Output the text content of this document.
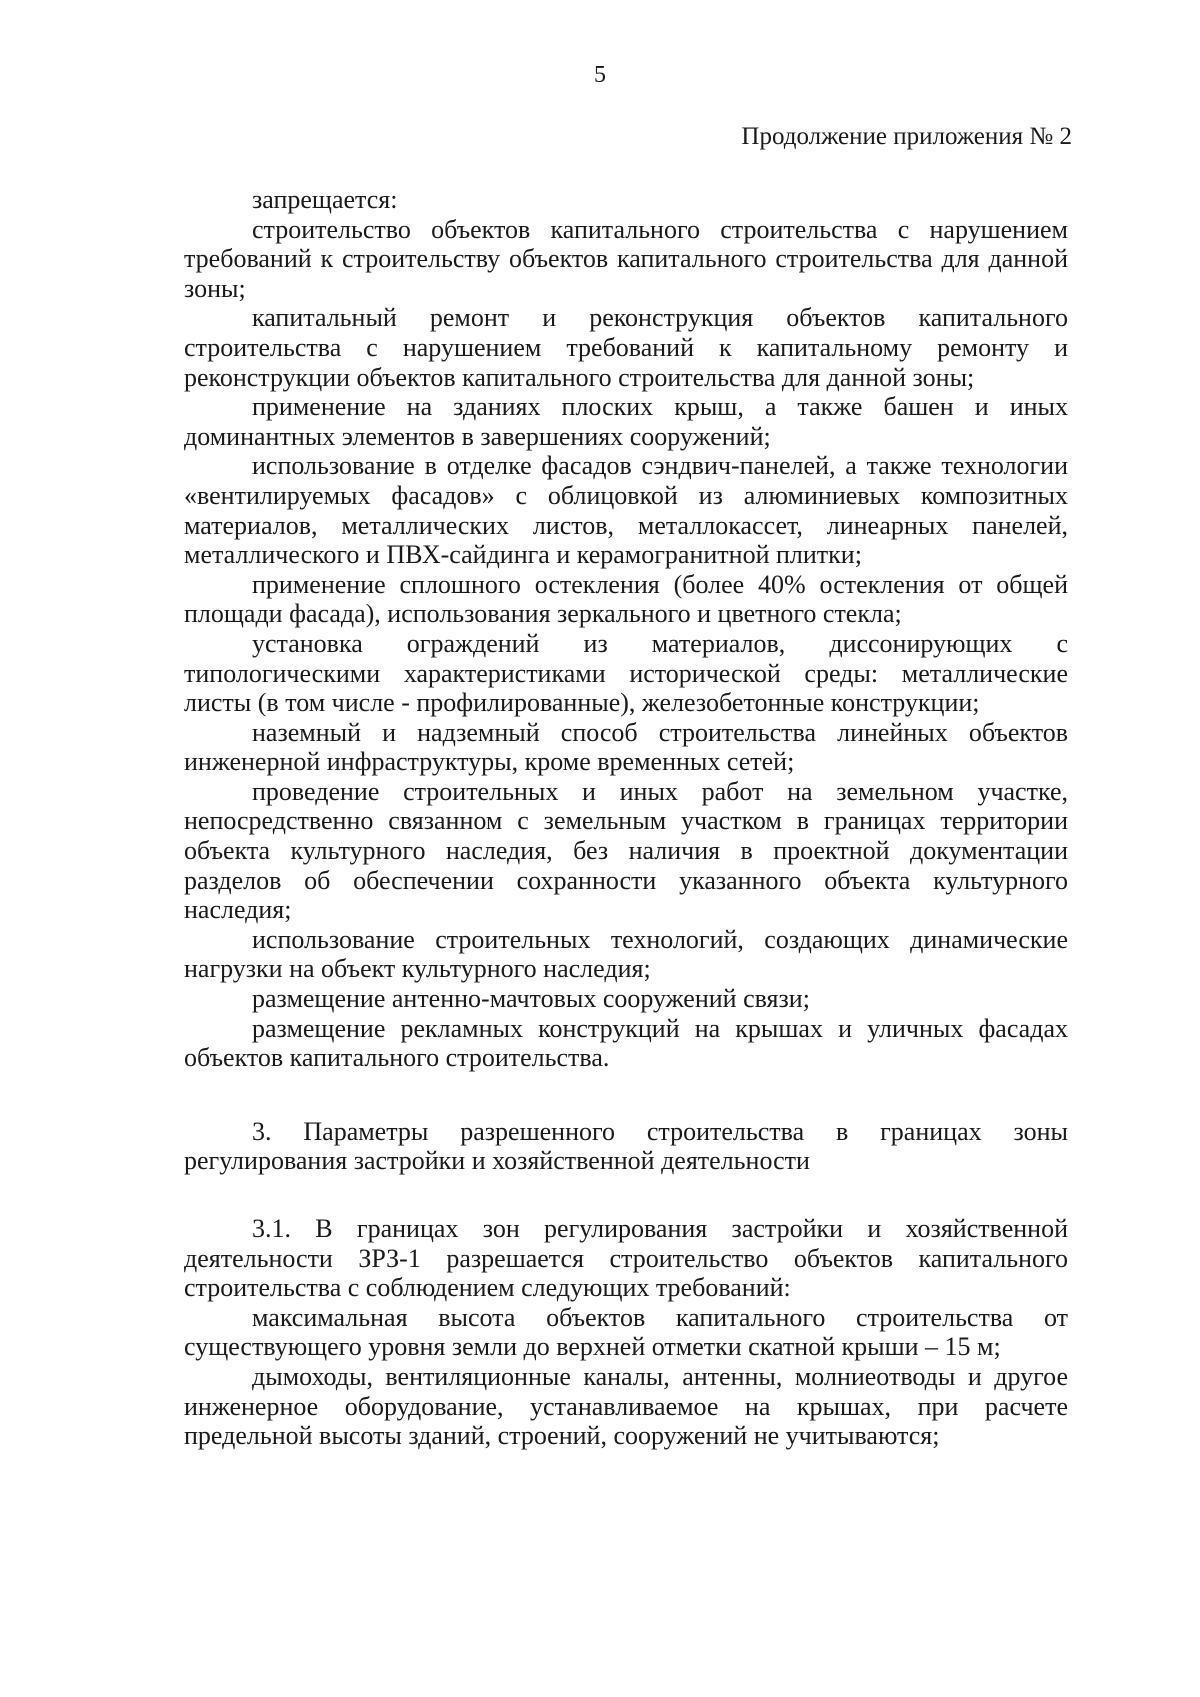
5
Продолжение приложения № 2

запрещается:

строительство объектов капитального строительства с нарушением требований к строительству объектов капитального строительства для данной зоны;

капитальный ремонт и реконструкция объектов капитального строительства с нарушением требований к капитальному ремонту и реконструкции объектов капитального строительства для данной зоны;

применение на зданиях плоских крыш, а также башен и иных доминантных элементов в завершениях сооружений;

использование в отделке фасадов сэндвич-панелей, а также технологии «вентилируемых фасадов» с облицовкой из алюминиевых композитных материалов, металлических листов, металлокассет, линеарных панелей, металлического и ПВХ-сайдинга и керамогранитной плитки;

применение сплошного остекления (более 40% остекления от общей площади фасада), использования зеркального и цветного стекла;

установка ограждений из материалов, диссонирующих с типологическими характеристиками исторической среды: металлические листы (в том числе - профилированные), железобетонные конструкции;

наземный и надземный способ строительства линейных объектов инженерной инфраструктуры, кроме временных сетей;

проведение строительных и иных работ на земельном участке, непосредственно связанном с земельным участком в границах территории объекта культурного наследия, без наличия в проектной документации разделов об обеспечении сохранности указанного объекта культурного наследия;

использование строительных технологий, создающих динамические нагрузки на объект культурного наследия;

размещение антенно-мачтовых сооружений связи;

размещение рекламных конструкций на крышах и уличных фасадах объектов капитального строительства.

3. Параметры разрешенного строительства в границах зоны регулирования застройки и хозяйственной деятельности

3.1. В границах зон регулирования застройки и хозяйственной деятельности ЗРЗ-1 разрешается строительство объектов капитального строительства с соблюдением следующих требований:

максимальная высота объектов капитального строительства от существующего уровня земли до верхней отметки скатной крыши – 15 м;

дымоходы, вентиляционные каналы, антенны, молниеотводы и другое инженерное оборудование, устанавливаемое на крышах, при расчете предельной высоты зданий, строений, сооружений не учитываются;
